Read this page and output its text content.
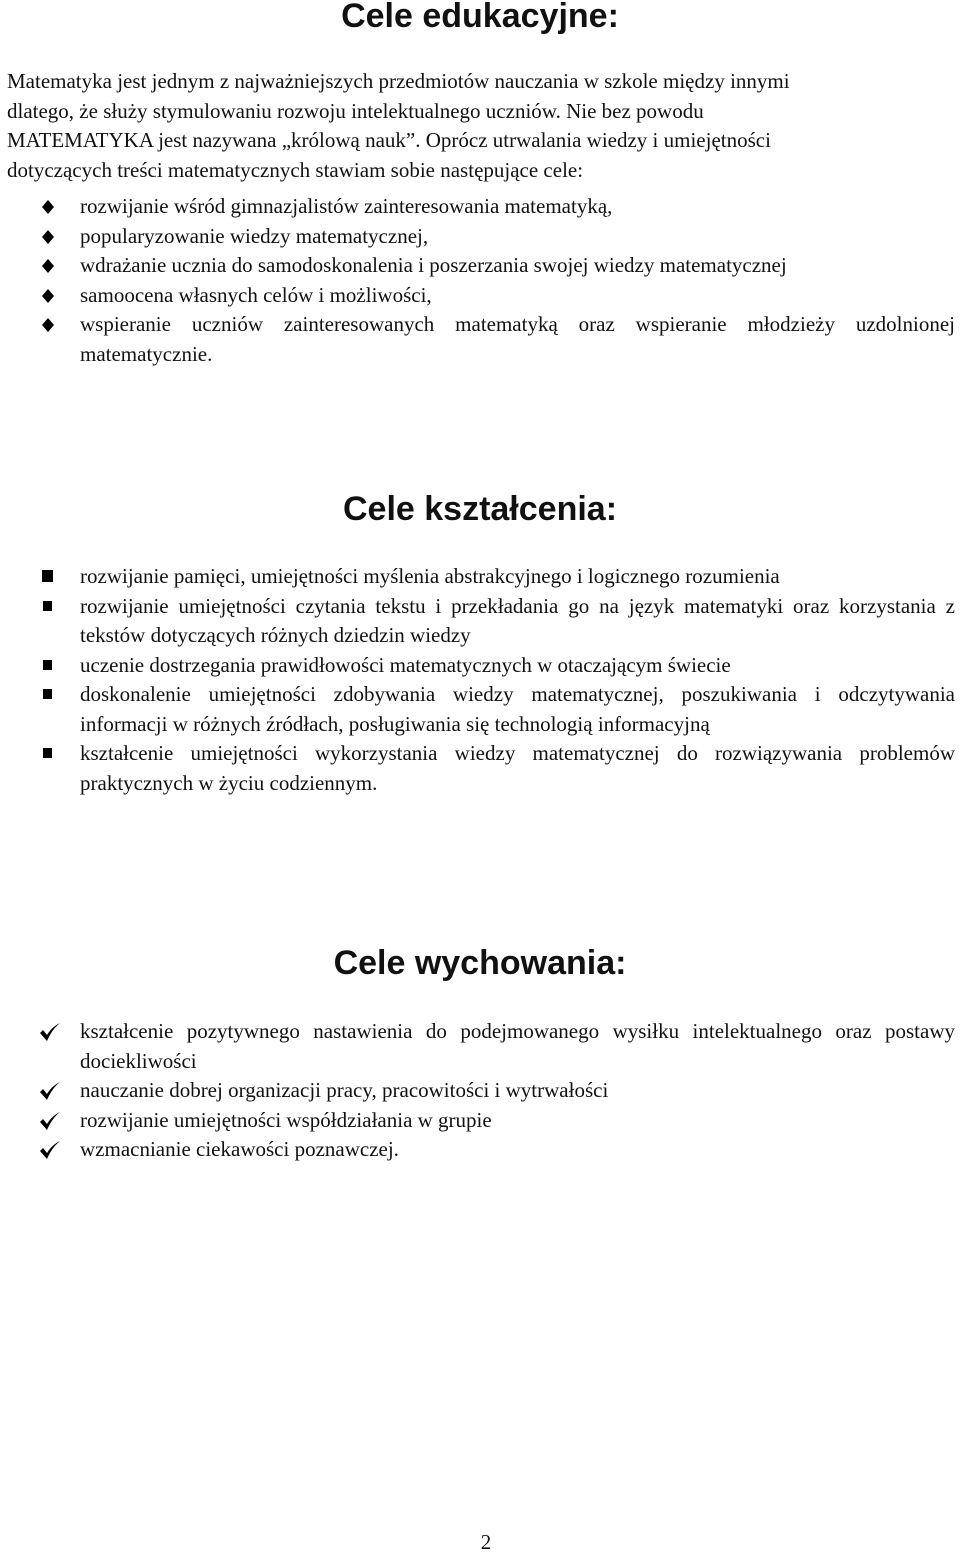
Cele edukacyjne:

Matematyka jest jednym z najważniejszych przedmiotów nauczania w szkole między innymi
dlatego, że służy stymulowaniu rozwoju intelektualnego uczniów. Nie bez powodu
MATEMATYKA jest nazywana „królową nauk”. Oprócz utrwalania wiedzy i umiejętności
dotyczących treści matematycznych stawiam sobie następujące cele:

rozwijanie wśród gimnazjalistów zainteresowania matematyką,
popularyzowanie wiedzy matematycznej,
wdrażanie ucznia do samodoskonalenia i poszerzania swojej wiedzy matematycznej
samoocena własnych celów i możliwości,
wspieranie uczniów zainteresowanych matematyką oraz wspieranie młodzieży uzdolnionej matematycznie.
Cele kształcenia:
rozwijanie pamięci, umiejętności myślenia abstrakcyjnego i logicznego rozumienia
rozwijanie umiejętności czytania tekstu i przekładania go na język matematyki oraz korzystania z tekstów dotyczących różnych dziedzin wiedzy
uczenie dostrzegania prawidłowości matematycznych w otaczającym świecie
doskonalenie umiejętności zdobywania wiedzy matematycznej, poszukiwania i odczytywania informacji w różnych źródłach, posługiwania się technologią informacyjną
kształcenie umiejętności wykorzystania wiedzy matematycznej do rozwiązywania problemów praktycznych w życiu codziennym.
Cele wychowania:
kształcenie pozytywnego nastawienia do podejmowanego wysiłku intelektualnego oraz postawy dociekliwości
nauczanie dobrej organizacji pracy, pracowitości i wytrwałości
rozwijanie umiejętności współdziałania w grupie
wzmacnianie ciekawości poznawczej.
2
